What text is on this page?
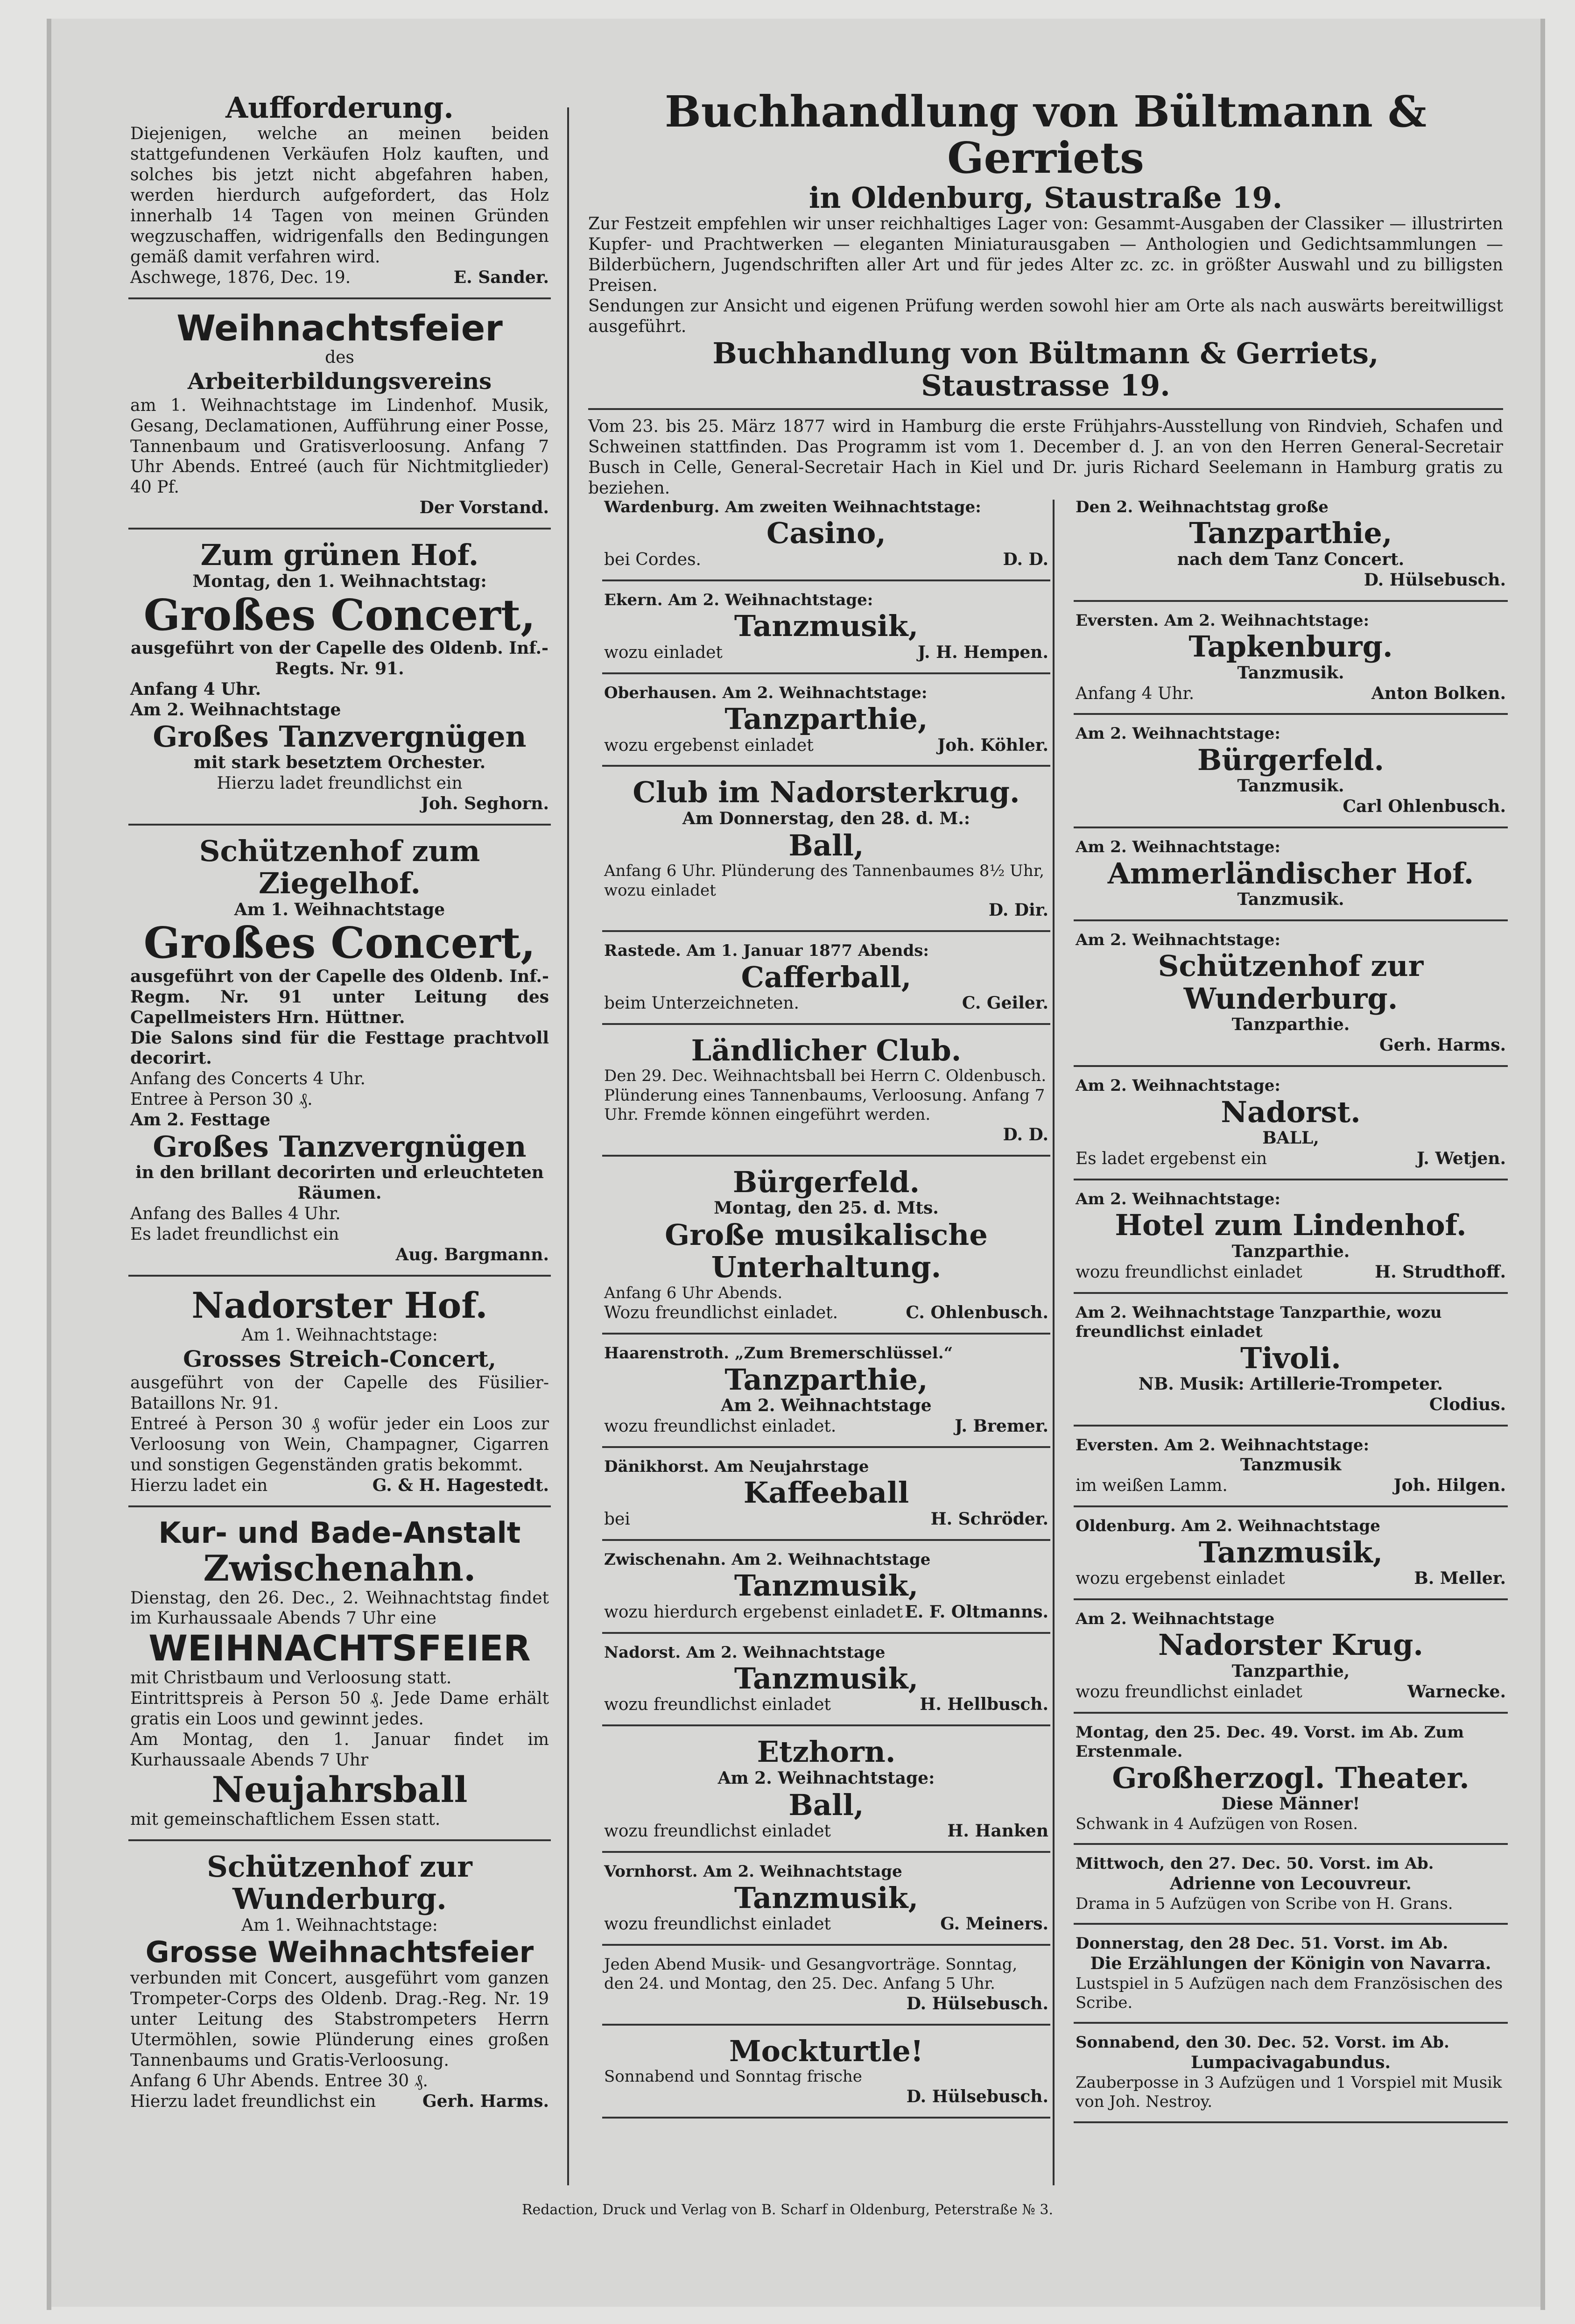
Aufforderung.

Diejenigen, welche an meinen beiden stattgefundenen Verkäufen Holz kauften, und solches bis jetzt nicht abgefahren haben, werden hierdurch aufgefordert, das Holz innerhalb 14 Tagen von meinen Gründen wegzuschaffen, widrigenfalls den Bedingungen gemäß damit verfahren wird.

Aschwege, 1876, Dec. 19.	E. Sander.
Weihnachtsfeier
des
Arbeiterbildungsvereins

am 1. Weihnachtstage im Lindenhof. Musik, Gesang, Declamationen, Aufführung einer Posse, Tannenbaum und Gratisverloosung. Anfang 7 Uhr Abends. Entreé (auch für Nichtmitglieder) 40 Pf.

Der Vorstand.
Zum grünen Hof.
Montag, den 1. Weihnachtstag:
Großes Concert,
ausgeführt von der Capelle des Oldenb. Inf.-Regts. Nr. 91.
Anfang 4 Uhr.
Am 2. Weihnachtstage
Großes Tanzvergnügen
mit stark besetztem Orchester.
Hierzu ladet freundlichst ein
Joh. Seghorn.
Schützenhof zum Ziegelhof.
Am 1. Weihnachtstage
Großes Concert,

ausgeführt von der Capelle des Oldenb. Inf.-Regm. Nr. 91 unter Leitung des Capellmeisters Hrn. Hüttner.

Die Salons sind für die Festtage prachtvoll decorirt.

Anfang des Concerts 4 Uhr.
Entree à Person 30 ₰.
Am 2. Festtage
Großes Tanzvergnügen
in den brillant decorirten und erleuchteten Räumen.
Anfang des Balles 4 Uhr.
Es ladet freundlichst ein
Aug. Bargmann.
Nadorster Hof.
Am 1. Weihnachtstage:
Grosses Streich-Concert,

ausgeführt von der Capelle des Füsilier-Bataillons Nr. 91.

Entreé à Person 30 ₰ wofür jeder ein Loos zur Verloosung von Wein, Champagner, Cigarren und sonstigen Gegenständen gratis bekommt.

Hierzu ladet ein	G. & H. Hagestedt.
Kur- und Bade-Anstalt
Zwischenahn.

Dienstag, den 26. Dec., 2. Weihnachtstag findet im Kurhaussaale Abends 7 Uhr eine

WEIHNACHTSFEIER
mit Christbaum und Verloosung statt.

Eintrittspreis à Person 50 ₰. Jede Dame erhält gratis ein Loos und gewinnt jedes.

Am Montag, den 1. Januar findet im Kurhaussaale Abends 7 Uhr

Neujahrsball
mit gemeinschaftlichem Essen statt.
Schützenhof zur Wunderburg.
Am 1. Weihnachtstage:
Grosse Weihnachtsfeier

verbunden mit Concert, ausgeführt vom ganzen Trompeter-Corps des Oldenb. Drag.-Reg. Nr. 19 unter Leitung des Stabstrompeters Herrn Utermöhlen, sowie Plünderung eines großen Tannenbaums und Gratis-Verloosung.

Anfang 6 Uhr Abends. Entree 30 ₰.
Hierzu ladet freundlichst ein	Gerh. Harms.
Buchhandlung von Bültmann & Gerriets
in Oldenburg, Staustraße 19.

Zur Festzeit empfehlen wir unser reichhaltiges Lager von: Gesammt-Ausgaben der Classiker — illustrirten Kupfer- und Prachtwerken — eleganten Miniaturausgaben — Anthologien und Gedichtsammlungen — Bilderbüchern, Jugendschriften aller Art und für jedes Alter zc. zc. in größter Auswahl und zu billigsten Preisen.

Sendungen zur Ansicht und eigenen Prüfung werden sowohl hier am Orte als nach auswärts bereitwilligst ausgeführt.

Buchhandlung von Bültmann & Gerriets,
Staustrasse 19.

Vom 23. bis 25. März 1877 wird in Hamburg die erste Frühjahrs-Ausstellung von Rindvieh, Schafen und Schweinen stattfinden. Das Programm ist vom 1. December d. J. an von den Herren General-Secretair Busch in Celle, General-Secretair Hach in Kiel und Dr. juris Richard Seelemann in Hamburg gratis zu beziehen.

Wardenburg. Am zweiten Weihnachtstage:
Casino,
bei Cordes.	D. D.
Ekern. Am 2. Weihnachtstage:
Tanzmusik,
wozu einladet	J. H. Hempen.
Oberhausen. Am 2. Weihnachtstage:
Tanzparthie,
wozu ergebenst einladet	Joh. Köhler.
Club im Nadorsterkrug.
Am Donnerstag, den 28. d. M.:
Ball,
Anfang 6 Uhr. Plünderung des Tannenbaumes 8½ Uhr, wozu einladet
D. Dir.
Rastede. Am 1. Januar 1877 Abends:
Cafferball,
beim Unterzeichneten.	C. Geiler.
Ländlicher Club.
Den 29. Dec. Weihnachtsball bei Herrn C. Oldenbusch. Plünderung eines Tannenbaums, Verloosung. Anfang 7 Uhr. Fremde können eingeführt werden.
D. D.
Bürgerfeld.
Montag, den 25. d. Mts.
Große musikalische Unterhaltung.
Anfang 6 Uhr Abends.
Wozu freundlichst einladet.	C. Ohlenbusch.
Haarenstroth. „Zum Bremerschlüssel.“
Tanzparthie,
Am 2. Weihnachtstage
wozu freundlichst einladet.	J. Bremer.
Dänikhorst. Am Neujahrstage
Kaffeeball
bei	H. Schröder.
Zwischenahn. Am 2. Weihnachtstage
Tanzmusik,
wozu hierdurch ergebenst einladet E. F. Oltmanns.
Nadorst. Am 2. Weihnachtstage
Tanzmusik,
wozu freundlichst einladet	H. Hellbusch.
Etzhorn.
Am 2. Weihnachtstage:
Ball,
wozu freundlichst einladet	H. Hanken
Vornhorst. Am 2. Weihnachtstage
Tanzmusik,
wozu freundlichst einladet	G. Meiners.
Jeden Abend Musik- und Gesangvorträge. Sonntag, den 24. und Montag, den 25. Dec. Anfang 5 Uhr.
D. Hülsebusch.
Mockturtle!
Sonnabend und Sonntag frische
D. Hülsebusch.
Den 2. Weihnachtstag große
Tanzparthie,
nach dem Tanz Concert.
D. Hülsebusch.
Eversten. Am 2. Weihnachtstage:
Tapkenburg.
Tanzmusik.
Anfang 4 Uhr.	Anton Bolken.
Am 2. Weihnachtstage:
Bürgerfeld.
Tanzmusik.
Carl Ohlenbusch.
Am 2. Weihnachtstage:
Ammerländischer Hof.
Tanzmusik.
Am 2. Weihnachtstage:
Schützenhof zur Wunderburg.
Tanzparthie.
Gerh. Harms.
Am 2. Weihnachtstage:
Nadorst.
BALL,
Es ladet ergebenst ein	J. Wetjen.
Am 2. Weihnachtstage:
Hotel zum Lindenhof.
Tanzparthie.
wozu freundlichst einladet	H. Strudthoff.
Am 2. Weihnachtstage Tanzparthie, wozu freundlichst einladet
Tivoli.
NB. Musik: Artillerie-Trompeter.
Clodius.
Eversten. Am 2. Weihnachtstage:
Tanzmusik
im weißen Lamm.	Joh. Hilgen.
Oldenburg. Am 2. Weihnachtstage
Tanzmusik,
wozu ergebenst einladet	B. Meller.
Am 2. Weihnachtstage
Nadorster Krug.
Tanzparthie,
wozu freundlichst einladet	Warnecke.
Montag, den 25. Dec. 49. Vorst. im Ab. Zum Erstenmale.
Großherzogl. Theater.
Diese Männer!
Schwank in 4 Aufzügen von Rosen.
Mittwoch, den 27. Dec. 50. Vorst. im Ab.
Adrienne von Lecouvreur.
Drama in 5 Aufzügen von Scribe von H. Grans.
Donnerstag, den 28 Dec. 51. Vorst. im Ab.
Die Erzählungen der Königin von Navarra.
Lustspiel in 5 Aufzügen nach dem Französischen des Scribe.
Sonnabend, den 30. Dec. 52. Vorst. im Ab.
Lumpacivagabundus.
Zauberposse in 3 Aufzügen und 1 Vorspiel mit Musik von Joh. Nestroy.
Redaction, Druck und Verlag von B. Scharf in Oldenburg, Peterstraße № 3.
